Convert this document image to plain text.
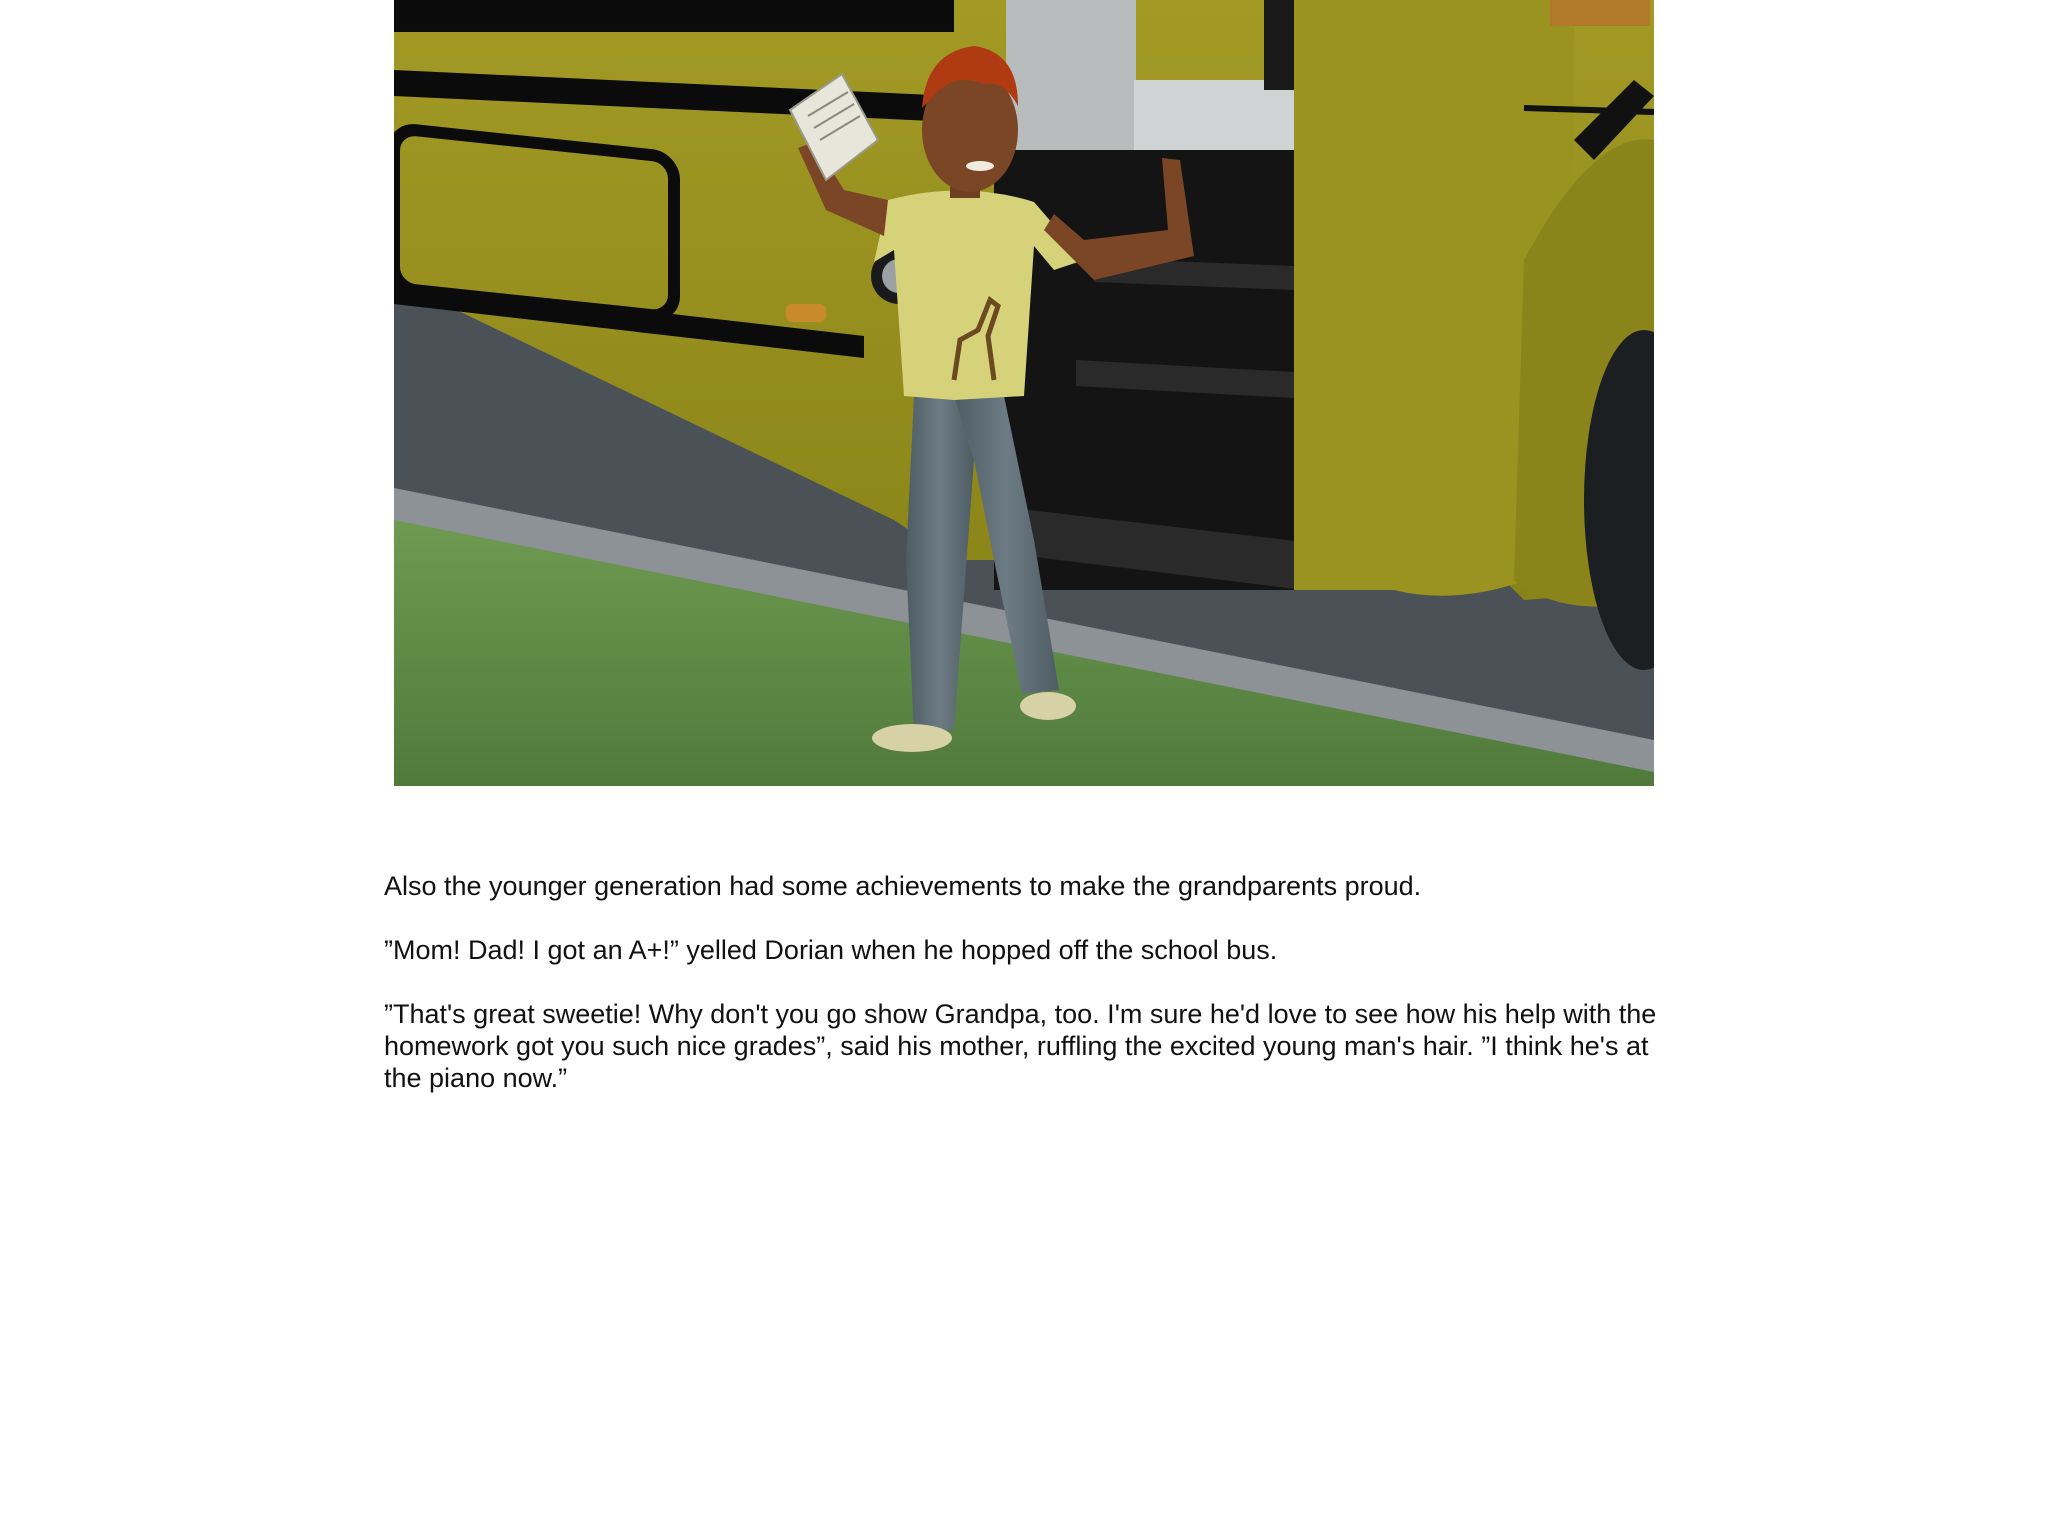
Also the younger generation had some achievements to make the grandparents proud.

”Mom! Dad! I got an A+!” yelled Dorian when he hopped off the school bus.

”That's great sweetie! Why don't you go show Grandpa, too. I'm sure he'd love to see how his help with the homework got you such nice grades”, said his mother, ruffling the excited young man's hair. ”I think he's at the piano now.”
